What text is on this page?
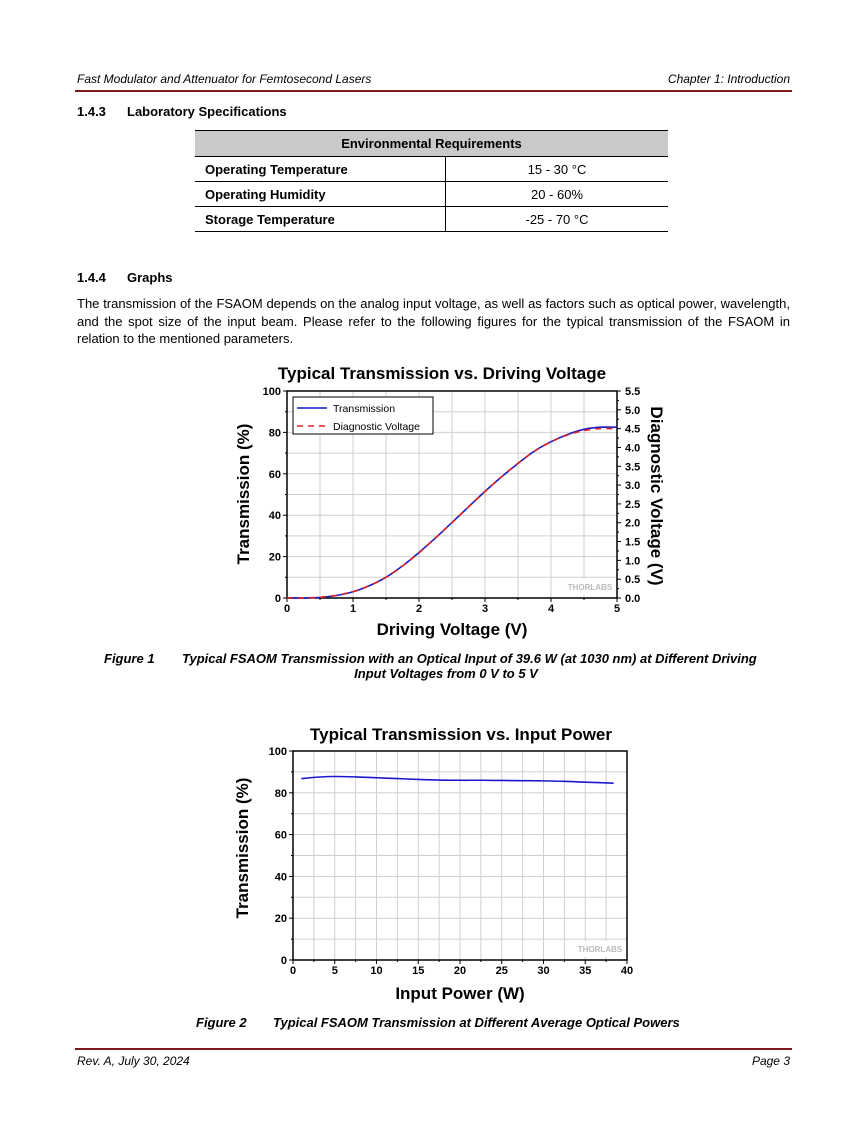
Fast Modulator and Attenuator for Femtosecond Lasers	Chapter 1: Introduction
1.4.3 Laboratory Specifications
Environmental Requirements	
Operating Temperature	15 - 30 °C
Operating Humidity	20 - 60%
Storage Temperature	-25 - 70 °C
1.4.4 Graphs
The transmission of the FSAOM depends on the analog input voltage, as well as factors such as optical power, wavelength, and the spot size of the input beam. Please refer to the following figures for the typical transmission of the FSAOM in relation to the mentioned parameters.
0	1	2	3	4	5
0
20
40
60
80
100
0.0
0.5
1.0
1.5
2.0
2.5
3.0
3.5
4.0
4.5
5.0
5.5
Typical Transmission vs. Driving Voltage
Driving Voltage (V)
Transmission (%)	Diagnostic Voltage (V)
THORLABS
Transmission
Diagnostic Voltage
Figure 1 Typical FSAOM Transmission with an Optical Input of 39.6 W (at 1030 nm) at Different Driving
Input Voltages from 0 V to 5 V
0	5	10	15	20	25	30	35	40
0
20
40
60
80
100
Typical Transmission vs. Input Power
Input Power (W)
Transmission (%)
THORLABS
Figure 2 Typical FSAOM Transmission at Different Average Optical Powers
Rev. A, July 30, 2024	Page 3
